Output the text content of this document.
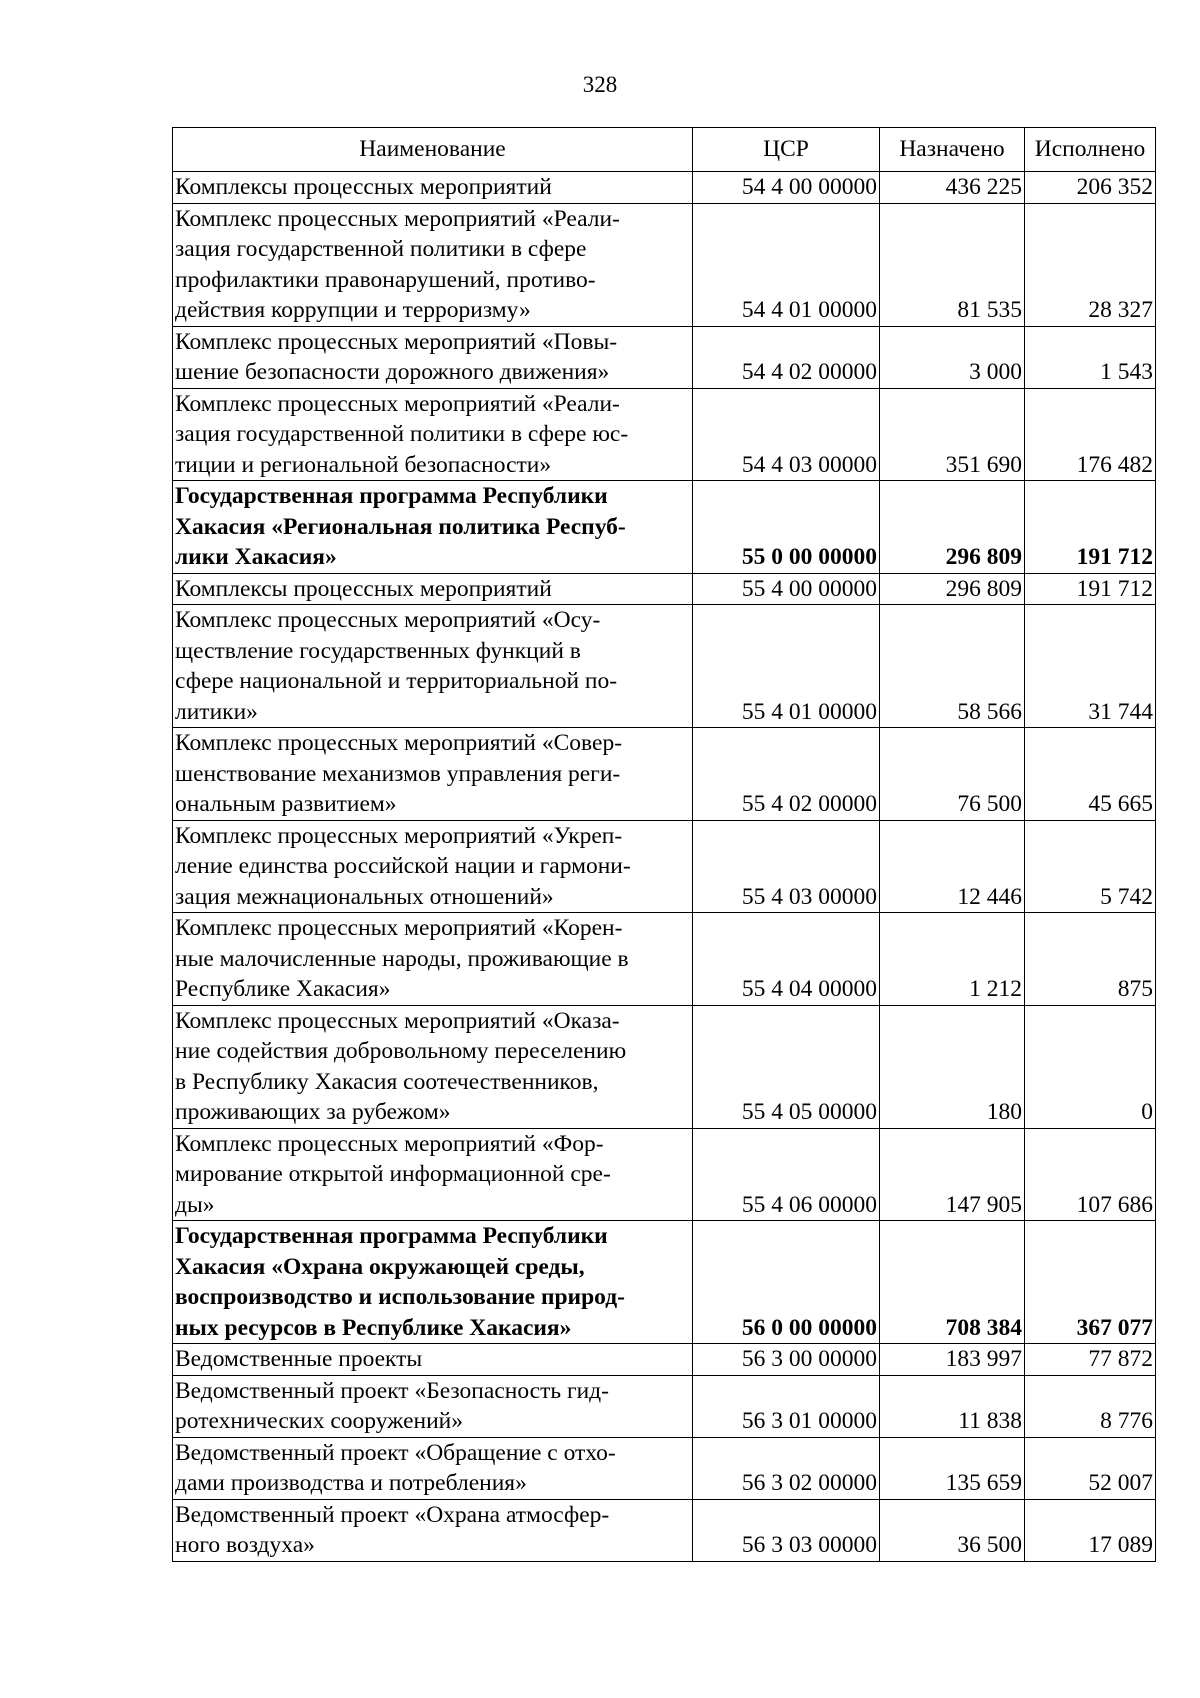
328
Наименование	ЦСР	Назначено	Исполнено

Комплексы процессных мероприятий	54 4 00 00000	436 225	206 352

Комплекс процессных мероприятий «Реали-
зация государственной политики в сфере
профилактики правонарушений, противо-
действия коррупции и терроризму»	54 4 01 00000	81 535	28 327

Комплекс процессных мероприятий «Повы-
шение безопасности дорожного движения»	54 4 02 00000	3 000	1 543

Комплекс процессных мероприятий «Реали-
зация государственной политики в сфере юс-
тиции и региональной безопасности»	54 4 03 00000	351 690	176 482

Государственная программа Республики
Хакасия «Региональная политика Респуб-
лики Хакасия»	55 0 00 00000	296 809	191 712

Комплексы процессных мероприятий	55 4 00 00000	296 809	191 712

Комплекс процессных мероприятий «Осу-
ществление государственных функций в
сфере национальной и территориальной по-
литики»	55 4 01 00000	58 566	31 744

Комплекс процессных мероприятий «Совер-
шенствование механизмов управления реги-
ональным развитием»	55 4 02 00000	76 500	45 665

Комплекс процессных мероприятий «Укреп-
ление единства российской нации и гармони-
зация межнациональных отношений»	55 4 03 00000	12 446	5 742

Комплекс процессных мероприятий «Корен-
ные малочисленные народы, проживающие в
Республике Хакасия»	55 4 04 00000	1 212	875

Комплекс процессных мероприятий «Оказа-
ние содействия добровольному переселению
в Республику Хакасия соотечественников,
проживающих за рубежом»	55 4 05 00000	180	0

Комплекс процессных мероприятий «Фор-
мирование открытой информационной сре-
ды»	55 4 06 00000	147 905	107 686

Государственная программа Республики
Хакасия «Охрана окружающей среды,
воспроизводство и использование природ-
ных ресурсов в Республике Хакасия»	56 0 00 00000	708 384	367 077

Ведомственные проекты	56 3 00 00000	183 997	77 872

Ведомственный проект «Безопасность гид-
ротехнических сооружений»	56 3 01 00000	11 838	8 776

Ведомственный проект «Обращение с отхо-
дами производства и потребления»	56 3 02 00000	135 659	52 007

Ведомственный проект «Охрана атмосфер-
ного воздуха»	56 3 03 00000	36 500	17 089
